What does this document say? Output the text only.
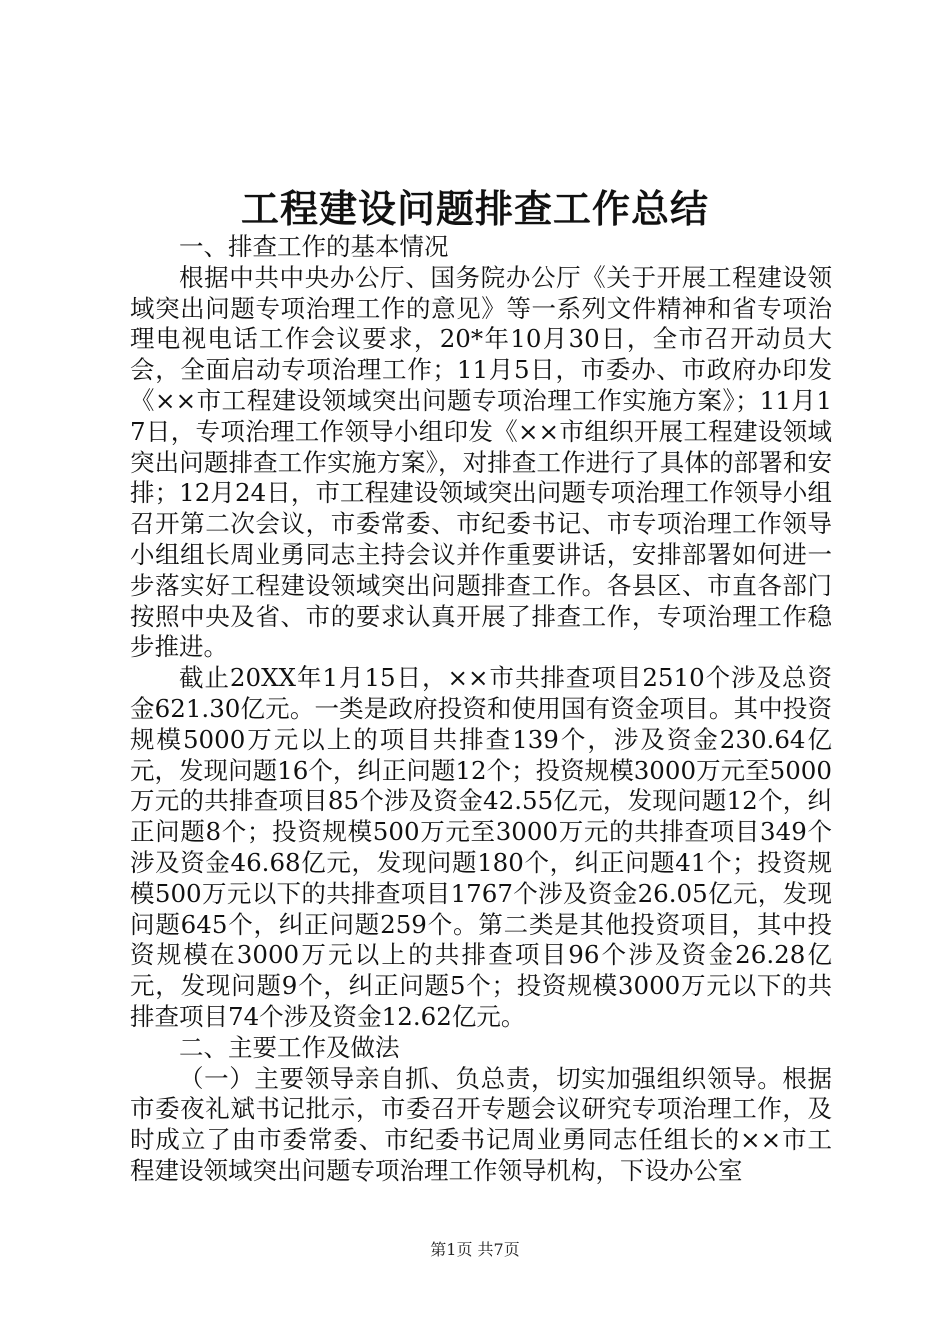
工程建设问题排查工作总结

一、排查工作的基本情况

根据中共中央办公厅、国务院办公厅《关于开展工程建设领域突出问题专项治理工作的意见》等一系列文件精神和省专项治理电视电话工作会议要求，20*年10月30日，全市召开动员大会，全面启动专项治理工作；11月5日，市委办、市政府办印发《××市工程建设领域突出问题专项治理工作实施方案》；11月17日，专项治理工作领导小组印发《××市组织开展工程建设领域突出问题排查工作实施方案》，对排查工作进行了具体的部署和安排；12月24日，市工程建设领域突出问题专项治理工作领导小组召开第二次会议，市委常委、市纪委书记、市专项治理工作领导小组组长周业勇同志主持会议并作重要讲话，安排部署如何进一步落实好工程建设领域突出问题排查工作。各县区、市直各部门按照中央及省、市的要求认真开展了排查工作，专项治理工作稳步推进。

截止20XX年1月15日，××市共排查项目2510个涉及总资金621.30亿元。一类是政府投资和使用国有资金项目。其中投资规模5000万元以上的项目共排查139个，涉及资金230.64亿元，发现问题16个，纠正问题12个；投资规模3000万元至5000万元的共排查项目85个涉及资金42.55亿元，发现问题12个，纠正问题8个；投资规模500万元至3000万元的共排查项目349个涉及资金46.68亿元，发现问题180个，纠正问题41个；投资规模500万元以下的共排查项目1767个涉及资金26.05亿元，发现问题645个，纠正问题259个。第二类是其他投资项目，其中投资规模在3000万元以上的共排查项目96个涉及资金26.28亿元，发现问题9个，纠正问题5个；投资规模3000万元以下的共排查项目74个涉及资金12.62亿元。

二、主要工作及做法

（一）主要领导亲自抓、负总责，切实加强组织领导。根据市委夜礼斌书记批示，市委召开专题会议研究专项治理工作，及时成立了由市委常委、市纪委书记周业勇同志任组长的××市工程建设领域突出问题专项治理工作领导机构，下设办公室

第1页 共7页
